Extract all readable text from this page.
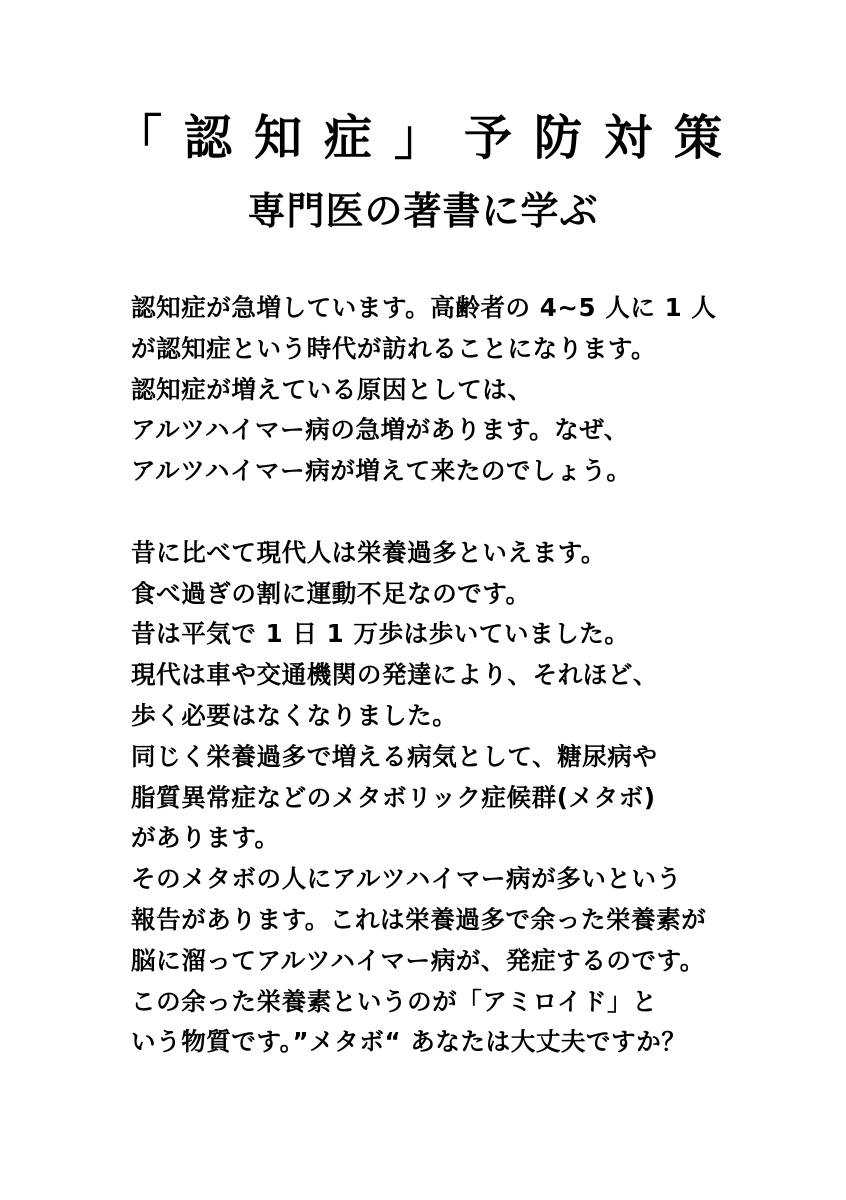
「認知症」予防対策
専門医の著書に学ぶ
認知症が急増しています。高齢者の 4~5 人に 1 人
が認知症という時代が訪れることになります。
認知症が増えている原因としては、
アルツハイマー病の急増があります。なぜ、
アルツハイマー病が増えて来たのでしょう。
昔に比べて現代人は栄養過多といえます。
食べ過ぎの割に運動不足なのです。
昔は平気で 1 日 1 万歩は歩いていました。
現代は車や交通機関の発達により、それほど、
歩く必要はなくなりました。
同じく栄養過多で増える病気として、糖尿病や
脂質異常症などのメタボリック症候群(メタボ)
があります。
そのメタボの人にアルツハイマー病が多いという
報告があります。これは栄養過多で余った栄養素が
脳に溜ってアルツハイマー病が、発症するのです。
この余った栄養素というのが「アミロイド」と
いう物質です。”メタボ“ あなたは大丈夫ですか？
